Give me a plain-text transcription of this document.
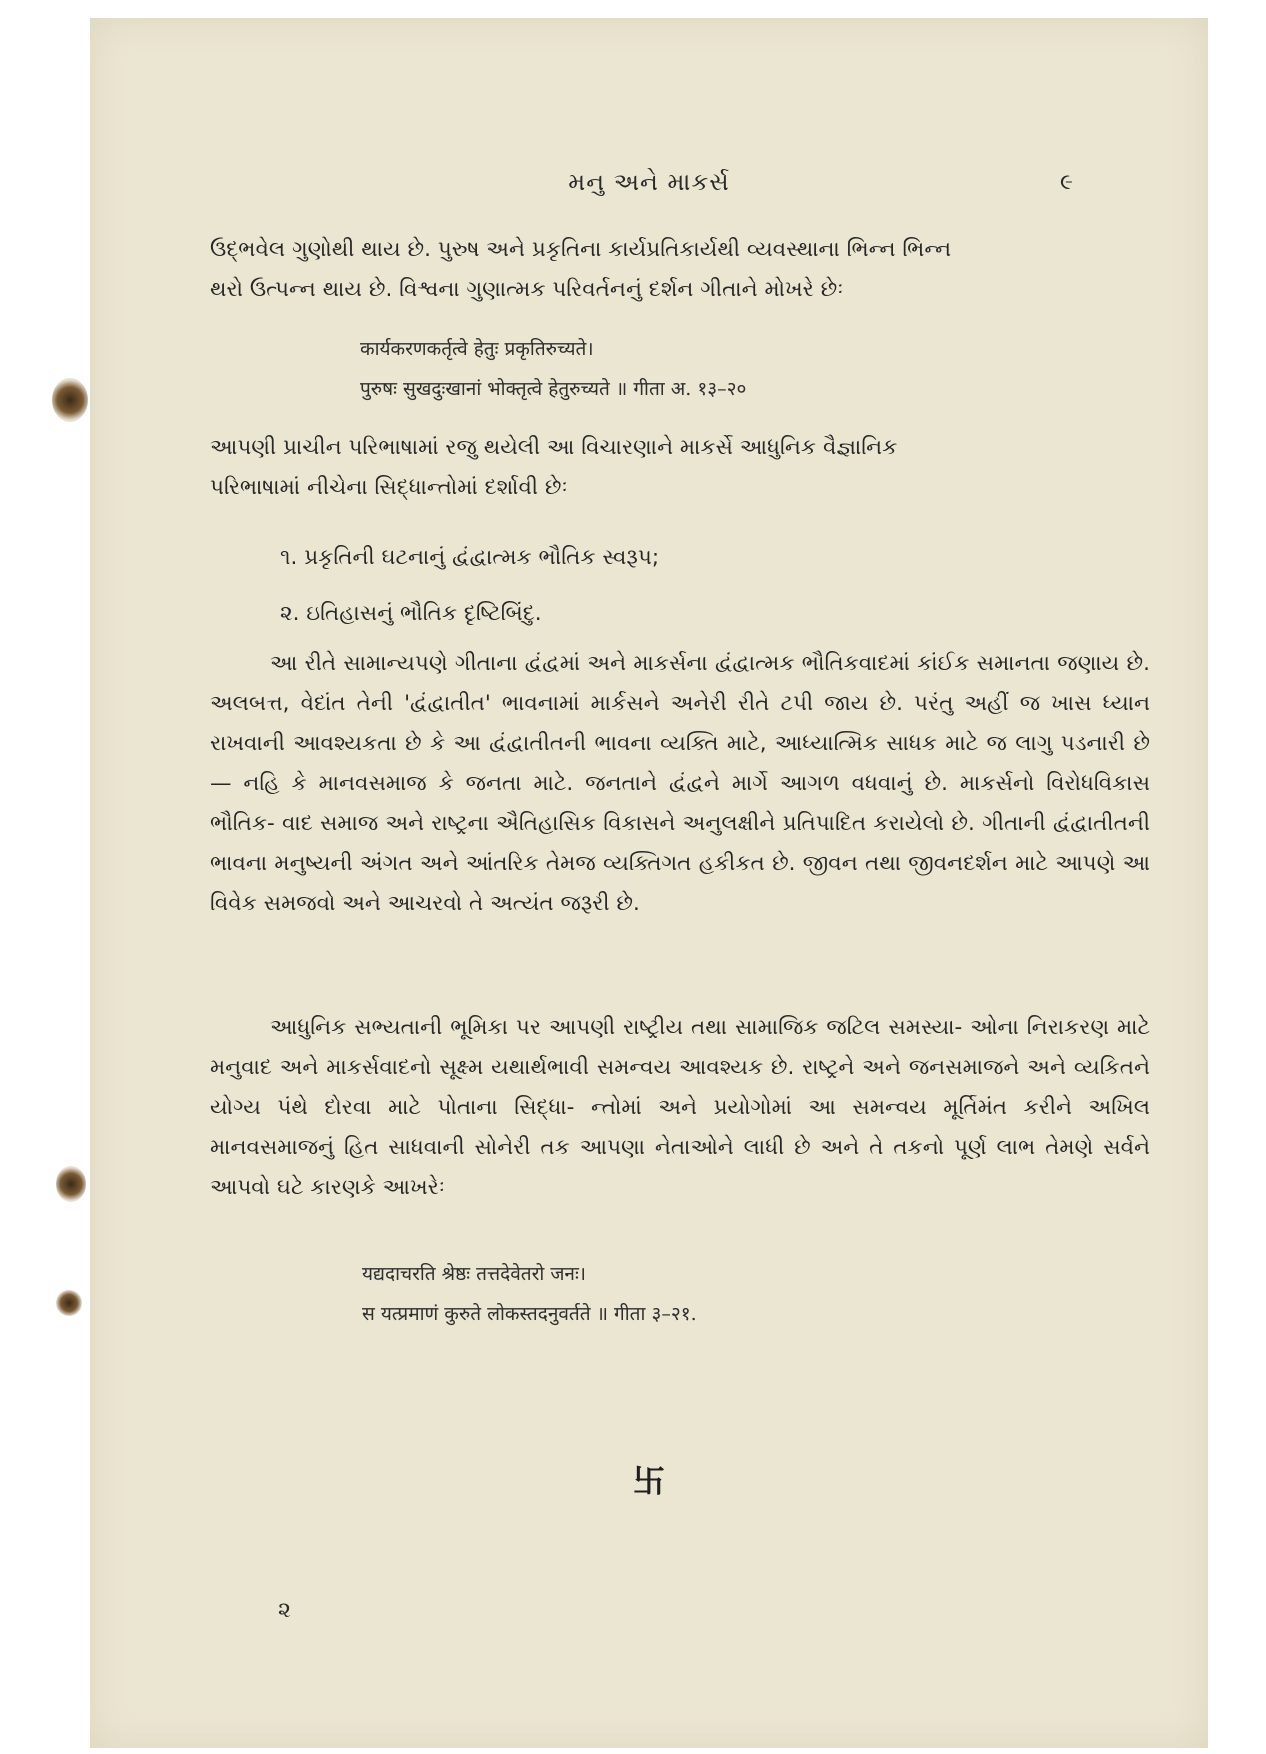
મનુ અને માકર્સ	૯
ઉદ્ભવેલ ગુણોથી થાય છે. પુરુષ અને પ્રકૃતિના કાર્યપ્રતિકાર્યથી વ્યવસ્થાના ભિન્ન ભિન્ન
થરો ઉત્પન્ન થાય છે. વિશ્વના ગુણાત્મક પરિવર્તનનું દર્શન ગીતાને મોખરે છેઃ
कार्यकरणकर्तृत्वे हेतुः प्रकृतिरुच्यते।
पुरुषः सुखदुःखानां भोक्तृत्वे हेतुरुच्यते ॥ गीता अ. १३–२०
આપણી પ્રાચીન પરિભાષામાં રજુ થયેલી આ વિચારણાને માકર્સે આધુનિક વૈજ્ઞાનિક
પરિભાષામાં નીચેના સિદ્ધાન્તોમાં દર્શાવી છેઃ
૧. પ્રકૃતિની ઘટનાનું દ્વંદ્વાત્મક ભૌતિક સ્વરૂપ;
૨. ઇતિહાસનું ભૌતિક દૃષ્ટિબિંદુ.
આ રીતે સામાન્યપણે ગીતાના દ્વંદ્વમાં અને માકર્સના દ્વંદ્વાત્મક ભૌતિકવાદમાં કાંઈક સમાનતા જણાય છે. અલબત્ત, વેદાંત તેની 'દ્વંદ્વાતીત' ભાવનામાં માર્કસને અનેરી રીતે ટપી જાય છે. પરંતુ અહીં જ ખાસ ધ્યાન રાખવાની આવશ્યકતા છે કે આ દ્વંદ્વાતીતની ભાવના વ્યક્તિ માટે, આધ્યાત્મિક સાધક માટે જ લાગુ પડનારી છે — નહિ કે માનવસમાજ કે જનતા માટે. જનતાને દ્વંદ્વને માર્ગે આગળ વધવાનું છે. માકર્સનો વિરોધવિકાસ ભૌતિક- વાદ સમાજ અને રાષ્ટ્રના ઐતિહાસિક વિકાસને અનુલક્ષીને પ્રતિપાદિત કરાયેલો છે. ગીતાની દ્વંદ્વાતીતની ભાવના મનુષ્યની અંગત અને આંતરિક તેમજ વ્યક્તિગત હકીકત છે. જીવન તથા જીવનદર્શન માટે આપણે આ વિવેક સમજવો અને આચરવો તે અત્યંત જરૂરી છે.
આધુનિક સભ્યતાની ભૂમિકા પર આપણી રાષ્ટ્રીય તથા સામાજિક જટિલ સમસ્યા- ઓના નિરાકરણ માટે મનુવાદ અને માકર્સવાદનો સૂક્ષ્મ યથાર્થભાવી સમન્વય આવશ્યક છે. રાષ્ટ્રને અને જનસમાજને અને વ્યકિતને યોગ્ય પંથે દોરવા માટે પોતાના સિદ્ધા- ન્તોમાં અને પ્રયોગોમાં આ સમન્વય મૂર્તિમંત કરીને અખિલ માનવસમાજનું હિત સાધવાની સોનેરી તક આપણા નેતાઓને લાધી છે અને તે તકનો પૂર્ણ લાભ તેમણે સર્વને આપવો ઘટે કારણકે આખરેઃ
यद्यदाचरति श्रेष्ठः तत्तदेवेतरो जनः।
स यत्प्रमाणं कुरुते लोकस्तदनुवर्तते ॥ गीता ३–२१.
卐
૨
